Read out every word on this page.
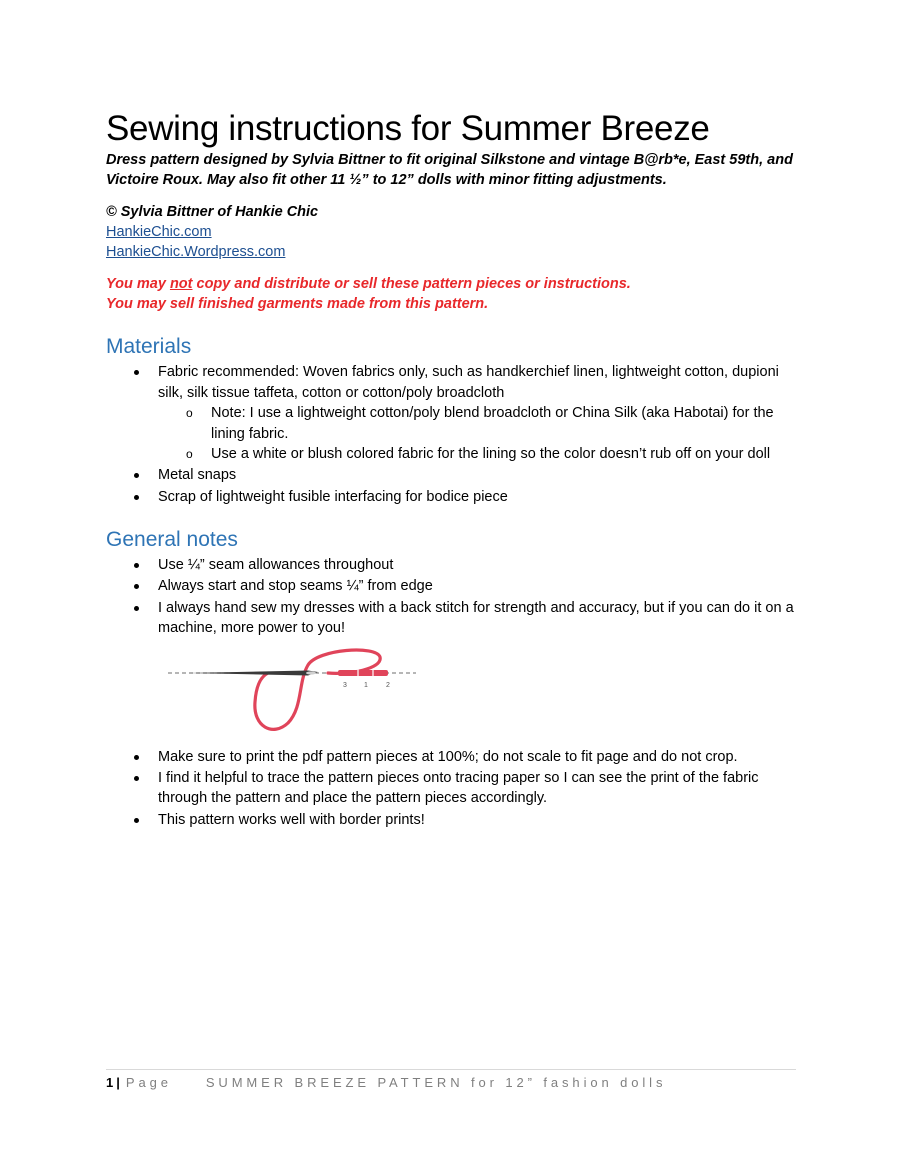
Sewing instructions for Summer Breeze

Dress pattern designed by Sylvia Bittner to fit original Silkstone and vintage B@rb*e, East 59th, and Victoire Roux. May also fit other 11 ½” to 12” dolls with minor fitting adjustments.

© Sylvia Bittner of Hankie Chic
HankieChic.com
HankieChic.Wordpress.com
You may not copy and distribute or sell these pattern pieces or instructions.
You may sell finished garments made from this pattern.
Materials
Fabric recommended: Woven fabrics only, such as handkerchief linen, lightweight cotton, dupioni silk, silk tissue taffeta, cotton or cotton/poly broadcloth
o Note: I use a lightweight cotton/poly blend broadcloth or China Silk (aka Habotai) for the lining fabric.
o Use a white or blush colored fabric for the lining so the color doesn’t rub off on your doll
Metal snaps
Scrap of lightweight fusible interfacing for bodice piece
General notes
Use ¼” seam allowances throughout
Always start and stop seams ¼” from edge
I always hand sew my dresses with a back stitch for strength and accuracy, but if you can do it on a machine, more power to you!
3 1	2
Make sure to print the pdf pattern pieces at 100%; do not scale to fit page and do not crop.
I find it helpful to trace the pattern pieces onto tracing paper so I can see the print of the fabric through the pattern and place the pattern pieces accordingly.
This pattern works well with border prints!
1 | Page	SUMMER BREEZE PATTERN for 12” fashion dolls
